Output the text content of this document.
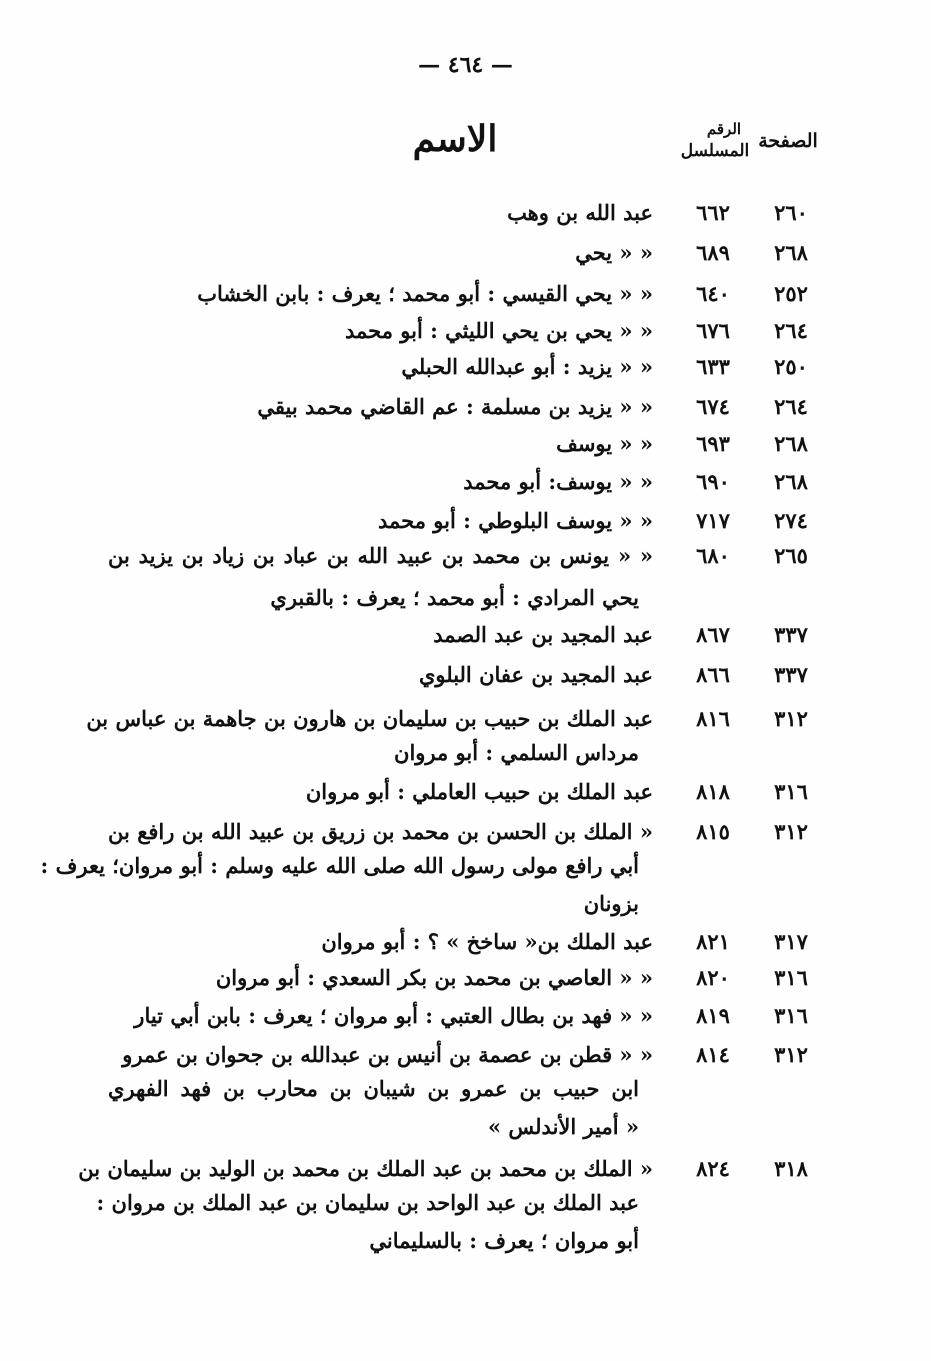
— ٤٦٤ —
الصفحة
الرقم
المسلسل
الاسم
٢٦٠
٦٦٢
عبد الله بن وهب
٢٦٨
٦٨٩
« « يحي
٢٥٢
٦٤٠
« « يحي القيسي : أبو محمد ؛ يعرف : بابن الخشاب
٢٦٤
٦٧٦
« « يحي بن يحي الليثي : أبو محمد
٢٥٠
٦٣٣
« « يزيد : أبو عبدالله الحبلي
٢٦٤
٦٧٤
« « يزيد بن مسلمة : عم القاضي محمد بيقي
٢٦٨
٦٩٣
« « يوسف
٢٦٨
٦٩٠
« « يوسف: أبو محمد
٢٧٤
٧١٧
« « يوسف البلوطي : أبو محمد
٢٦٥
٦٨٠
« « يونس بن محمد بن عبيد الله بن عباد بن زياد بن يزيد بن
يحي المرادي : أبو محمد ؛ يعرف : بالقبري
٣٣٧
٨٦٧
عبد المجيد بن عبد الصمد
٣٣٧
٨٦٦
عبد المجيد بن عفان البلوي
٣١٢
٨١٦
عبد الملك بن حبيب بن سليمان بن هارون بن جاهمة بن عباس بن
مرداس السلمي : أبو مروان
٣١٦
٨١٨
عبد الملك بن حبيب العاملي : أبو مروان
٣١٢
٨١٥
« الملك بن الحسن بن محمد بن زريق بن عبيد الله بن رافع بن
أبي رافع مولى رسول الله صلى الله عليه وسلم : أبو مروان؛ يعرف :
بزونان
٣١٧
٨٢١
عبد الملك بن« ساخخ » ؟ : أبو مروان
٣١٦
٨٢٠
« « العاصي بن محمد بن بكر السعدي : أبو مروان
٣١٦
٨١٩
« « فهد بن بطال العتبي : أبو مروان ؛ يعرف : بابن أبي تيار
٣١٢
٨١٤
« « قطن بن عصمة بن أنيس بن عبدالله بن جحوان بن عمرو
ابن حبيب بن عمرو بن شيبان بن محارب بن فهد الفهري
« أمير الأندلس »
٣١٨
٨٢٤
« الملك بن محمد بن عبد الملك بن محمد بن الوليد بن سليمان بن
عبد الملك بن عبد الواحد بن سليمان بن عبد الملك بن مروان :
أبو مروان ؛ يعرف : بالسليماني
